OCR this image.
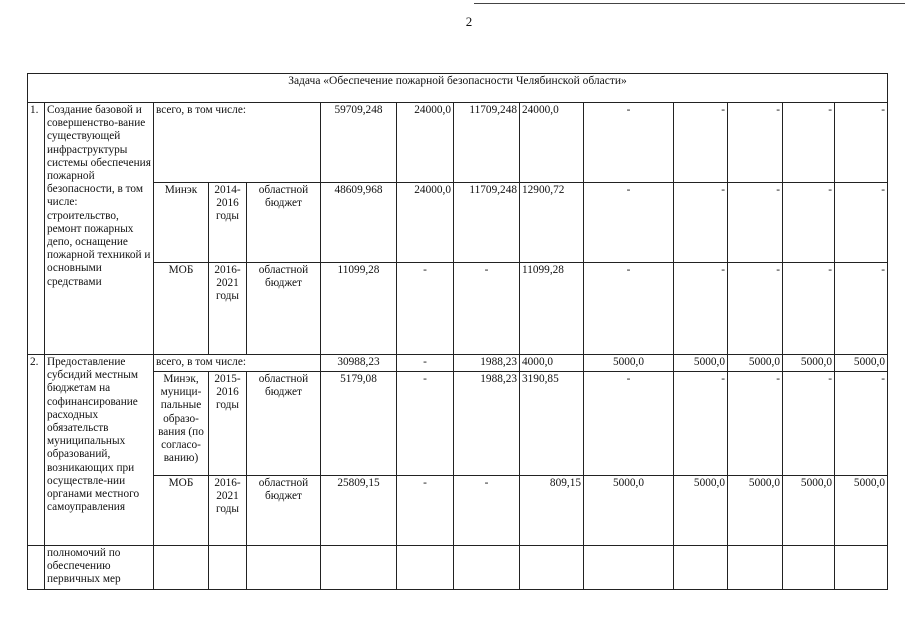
2
Задача «Обеспечение пожарной безопасности Челябинской области»													
1.	Создание базовой и совершенство-вание существующей инфраструктуры системы обеспечения пожарной безопасности, в том числе: строительство, ремонт пожарных депо, оснащение пожарной техникой и основными средствами	всего, в том числе:			59709,248	24000,0	11709,248	24000,0	-	-	-	-	-
		Минэк	2014-2016 годы	областной бюджет	48609,968	24000,0	11709,248	12900,72	-	-	-	-	-
		МОБ	2016-2021 годы	областной бюджет	11099,28	-	-	11099,28	-	-	-	-	-
2.	Предоставление субсидий местным бюджетам на софинансирование расходных обязательств муниципальных образований, возникающих при осуществле-нии органами местного самоуправления	всего, в том числе:			30988,23	-	1988,23	4000,0	5000,0	5000,0	5000,0	5000,0	5000,0
		Минэк, муници-пальные образо-вания (по согласо-ванию)	2015-2016 годы	областной бюджет	5179,08	-	1988,23	3190,85	-	-	-	-	-
		МОБ	2016-2021 годы	областной бюджет	25809,15	-	-	809,15	5000,0	5000,0	5000,0	5000,0	5000,0
	полномочий по обеспечению первичных мер												
